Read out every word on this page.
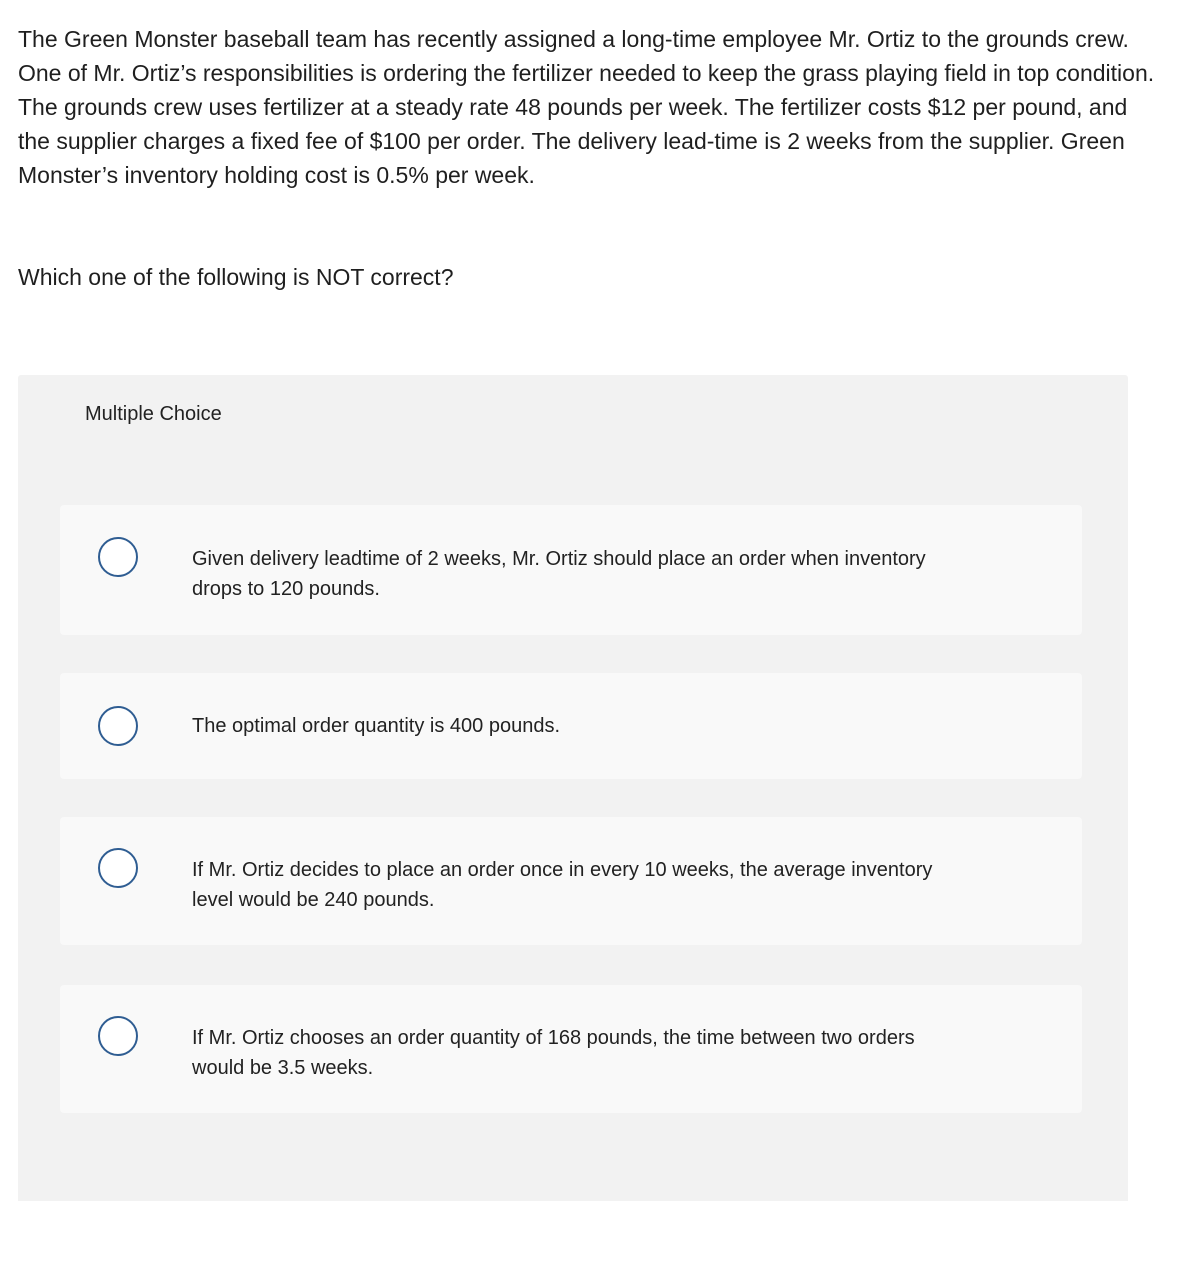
The Green Monster baseball team has recently assigned a long-time employee Mr. Ortiz to the grounds crew. One of Mr. Ortiz’s responsibilities is ordering the fertilizer needed to keep the grass playing field in top condition. The grounds crew uses fertilizer at a steady rate 48 pounds per week. The fertilizer costs $12 per pound, and the supplier charges a fixed fee of $100 per order. The delivery lead-time is 2 weeks from the supplier. Green Monster’s inventory holding cost is 0.5% per week.

Which one of the following is NOT correct?

Multiple Choice
Given delivery leadtime of 2 weeks, Mr. Ortiz should place an order when inventory drops to 120 pounds.
The optimal order quantity is 400 pounds.
If Mr. Ortiz decides to place an order once in every 10 weeks, the average inventory level would be 240 pounds.
If Mr. Ortiz chooses an order quantity of 168 pounds, the time between two orders would be 3.5 weeks.
